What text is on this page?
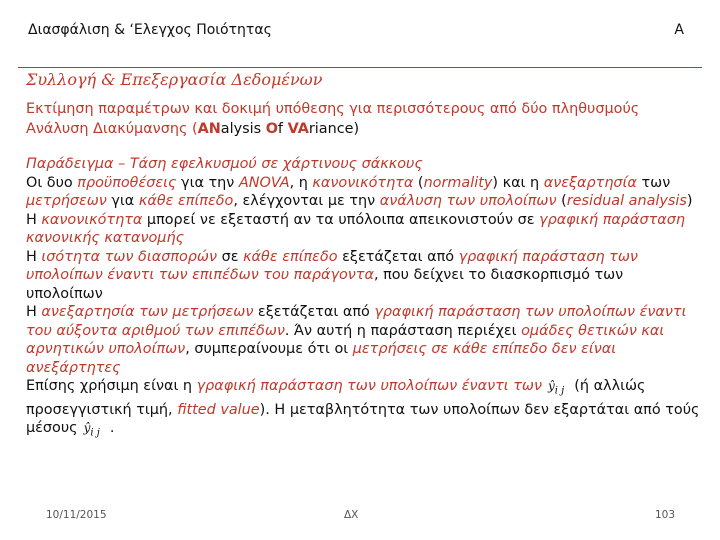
Διασφάλιση & ‘Ελεγχος Ποιότητας	A
Συλλογή & Επεξεργασία Δεδομένων
Εκτίμηση παραμέτρων και δοκιμή υπόθεσης για περισσότερους από δύο πληθυσμούς
Ανάλυση Διακύμανσης (ANalysis Of VAriance)

Παράδειγμα – Τάση εφελκυσμού σε χάρτινους σάκκους

Οι δυο προϋποθέσεις για την ANOVA, η κανονικότητα (normality) και η ανεξαρτησία των μετρήσεων για κάθε επίπεδο, ελέγχονται με την ανάλυση των υπολοίπων (residual analysis)

Η κανονικότητα μπορεί νε εξεταστή αν τα υπόλοιπα απεικονιστούν σε γραφική παράσταση κανονικής κατανομής

Η ισότητα των διασπορών σε κάθε επίπεδο εξετάζεται από γραφική παράσταση των υπολοίπων έναντι των επιπέδων του παράγοντα, που δείχνει το διασκορπισμό των υπολοίπων

Η ανεξαρτησία των μετρήσεων εξετάζεται από γραφική παράσταση των υπολοίπων έναντι του αύξοντα αριθμού των επιπέδων. Άν αυτή η παράσταση περιέχει ομάδες θετικών και αρνητικών υπολοίπων, συμπεραίνουμε ότι οι μετρήσεις σε κάθε επίπεδο δεν είναι ανεξάρτητες

Επίσης χρήσιμη είναι η γραφική παράσταση των υπολοίπων έναντι των $ŷ_{i j}$ (ή αλλιώς προσεγγιστική τιμή, fitted value). Η μεταβλητότητα των υπολοίπων δεν εξαρτάται από τούς μέσους $ŷ_{i j}$ .

10/11/2015	ΔΧ	103
